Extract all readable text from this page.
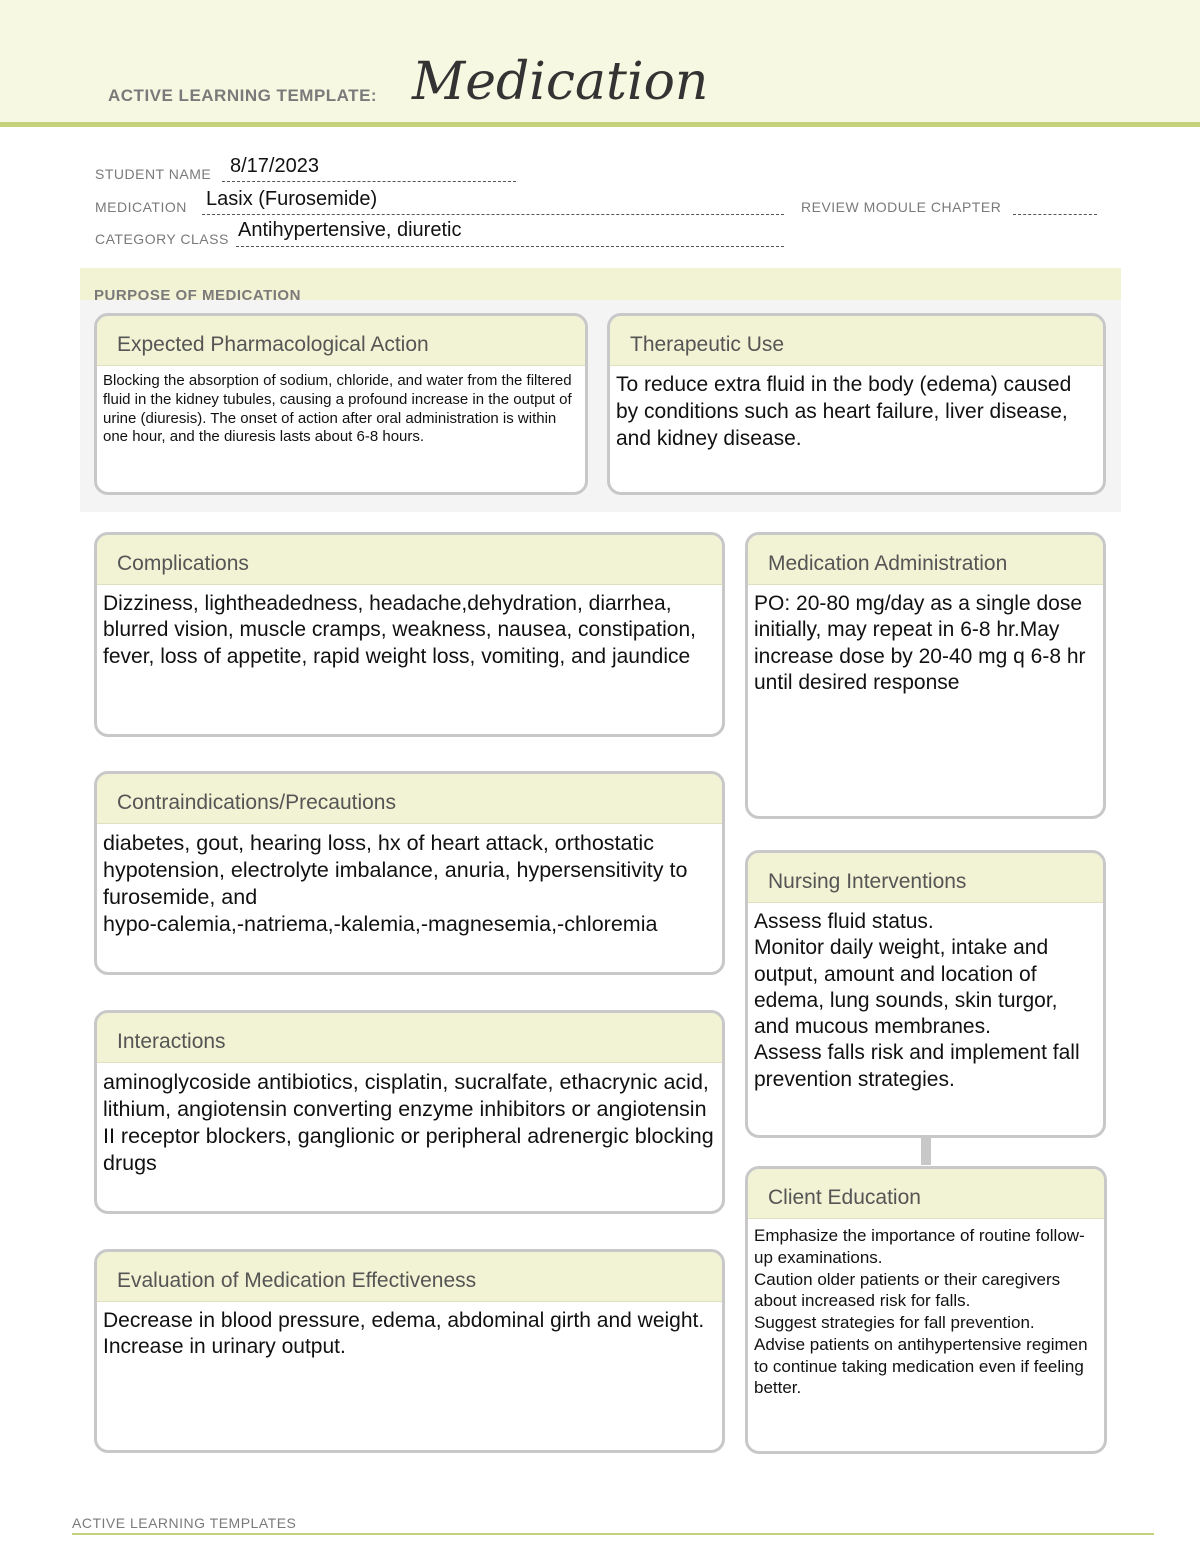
ACTIVE LEARNING TEMPLATE: Medication
STUDENT NAME 8/17/2023
MEDICATION Lasix (Furosemide)	REVIEW MODULE CHAPTER
CATEGORY CLASS Antihypertensive, diuretic
PURPOSE OF MEDICATION
Expected Pharmacological Action
Blocking the absorption of sodium, chloride, and water from the filtered fluid in the kidney tubules, causing a profound increase in the output of urine (diuresis). The onset of action after oral administration is within one hour, and the diuresis lasts about 6-8 hours.
Therapeutic Use
To reduce extra fluid in the body (edema) caused by conditions such as heart failure, liver disease, and kidney disease.
Complications
Dizziness, lightheadedness, headache,dehydration, diarrhea, blurred vision, muscle cramps, weakness, nausea, constipation, fever, loss of appetite, rapid weight loss, vomiting, and jaundice
Contraindications/Precautions
diabetes, gout, hearing loss, hx of heart attack, orthostatic hypotension, electrolyte imbalance, anuria, hypersensitivity to furosemide, and
hypo-calemia,-natriema,-kalemia,-magnesemia,-chloremia
Interactions
aminoglycoside antibiotics, cisplatin, sucralfate, ethacrynic acid, lithium, angiotensin converting enzyme inhibitors or angiotensin II receptor blockers, ganglionic or peripheral adrenergic blocking drugs
Evaluation of Medication Effectiveness
Decrease in blood pressure, edema, abdominal girth and weight.
Increase in urinary output.
Medication Administration
PO: 20-80 mg/day as a single dose initially, may repeat in 6-8 hr.May increase dose by 20-40 mg q 6-8 hr until desired response
Nursing Interventions
Assess fluid status.
Monitor daily weight, intake and output, amount and location of edema, lung sounds, skin turgor, and mucous membranes.
Assess falls risk and implement fall prevention strategies.
Client Education
Emphasize the importance of routine follow-up examinations.
Caution older patients or their caregivers about increased risk for falls.
Suggest strategies for fall prevention.
Advise patients on antihypertensive regimen to continue taking medication even if feeling better.
ACTIVE LEARNING TEMPLATES
